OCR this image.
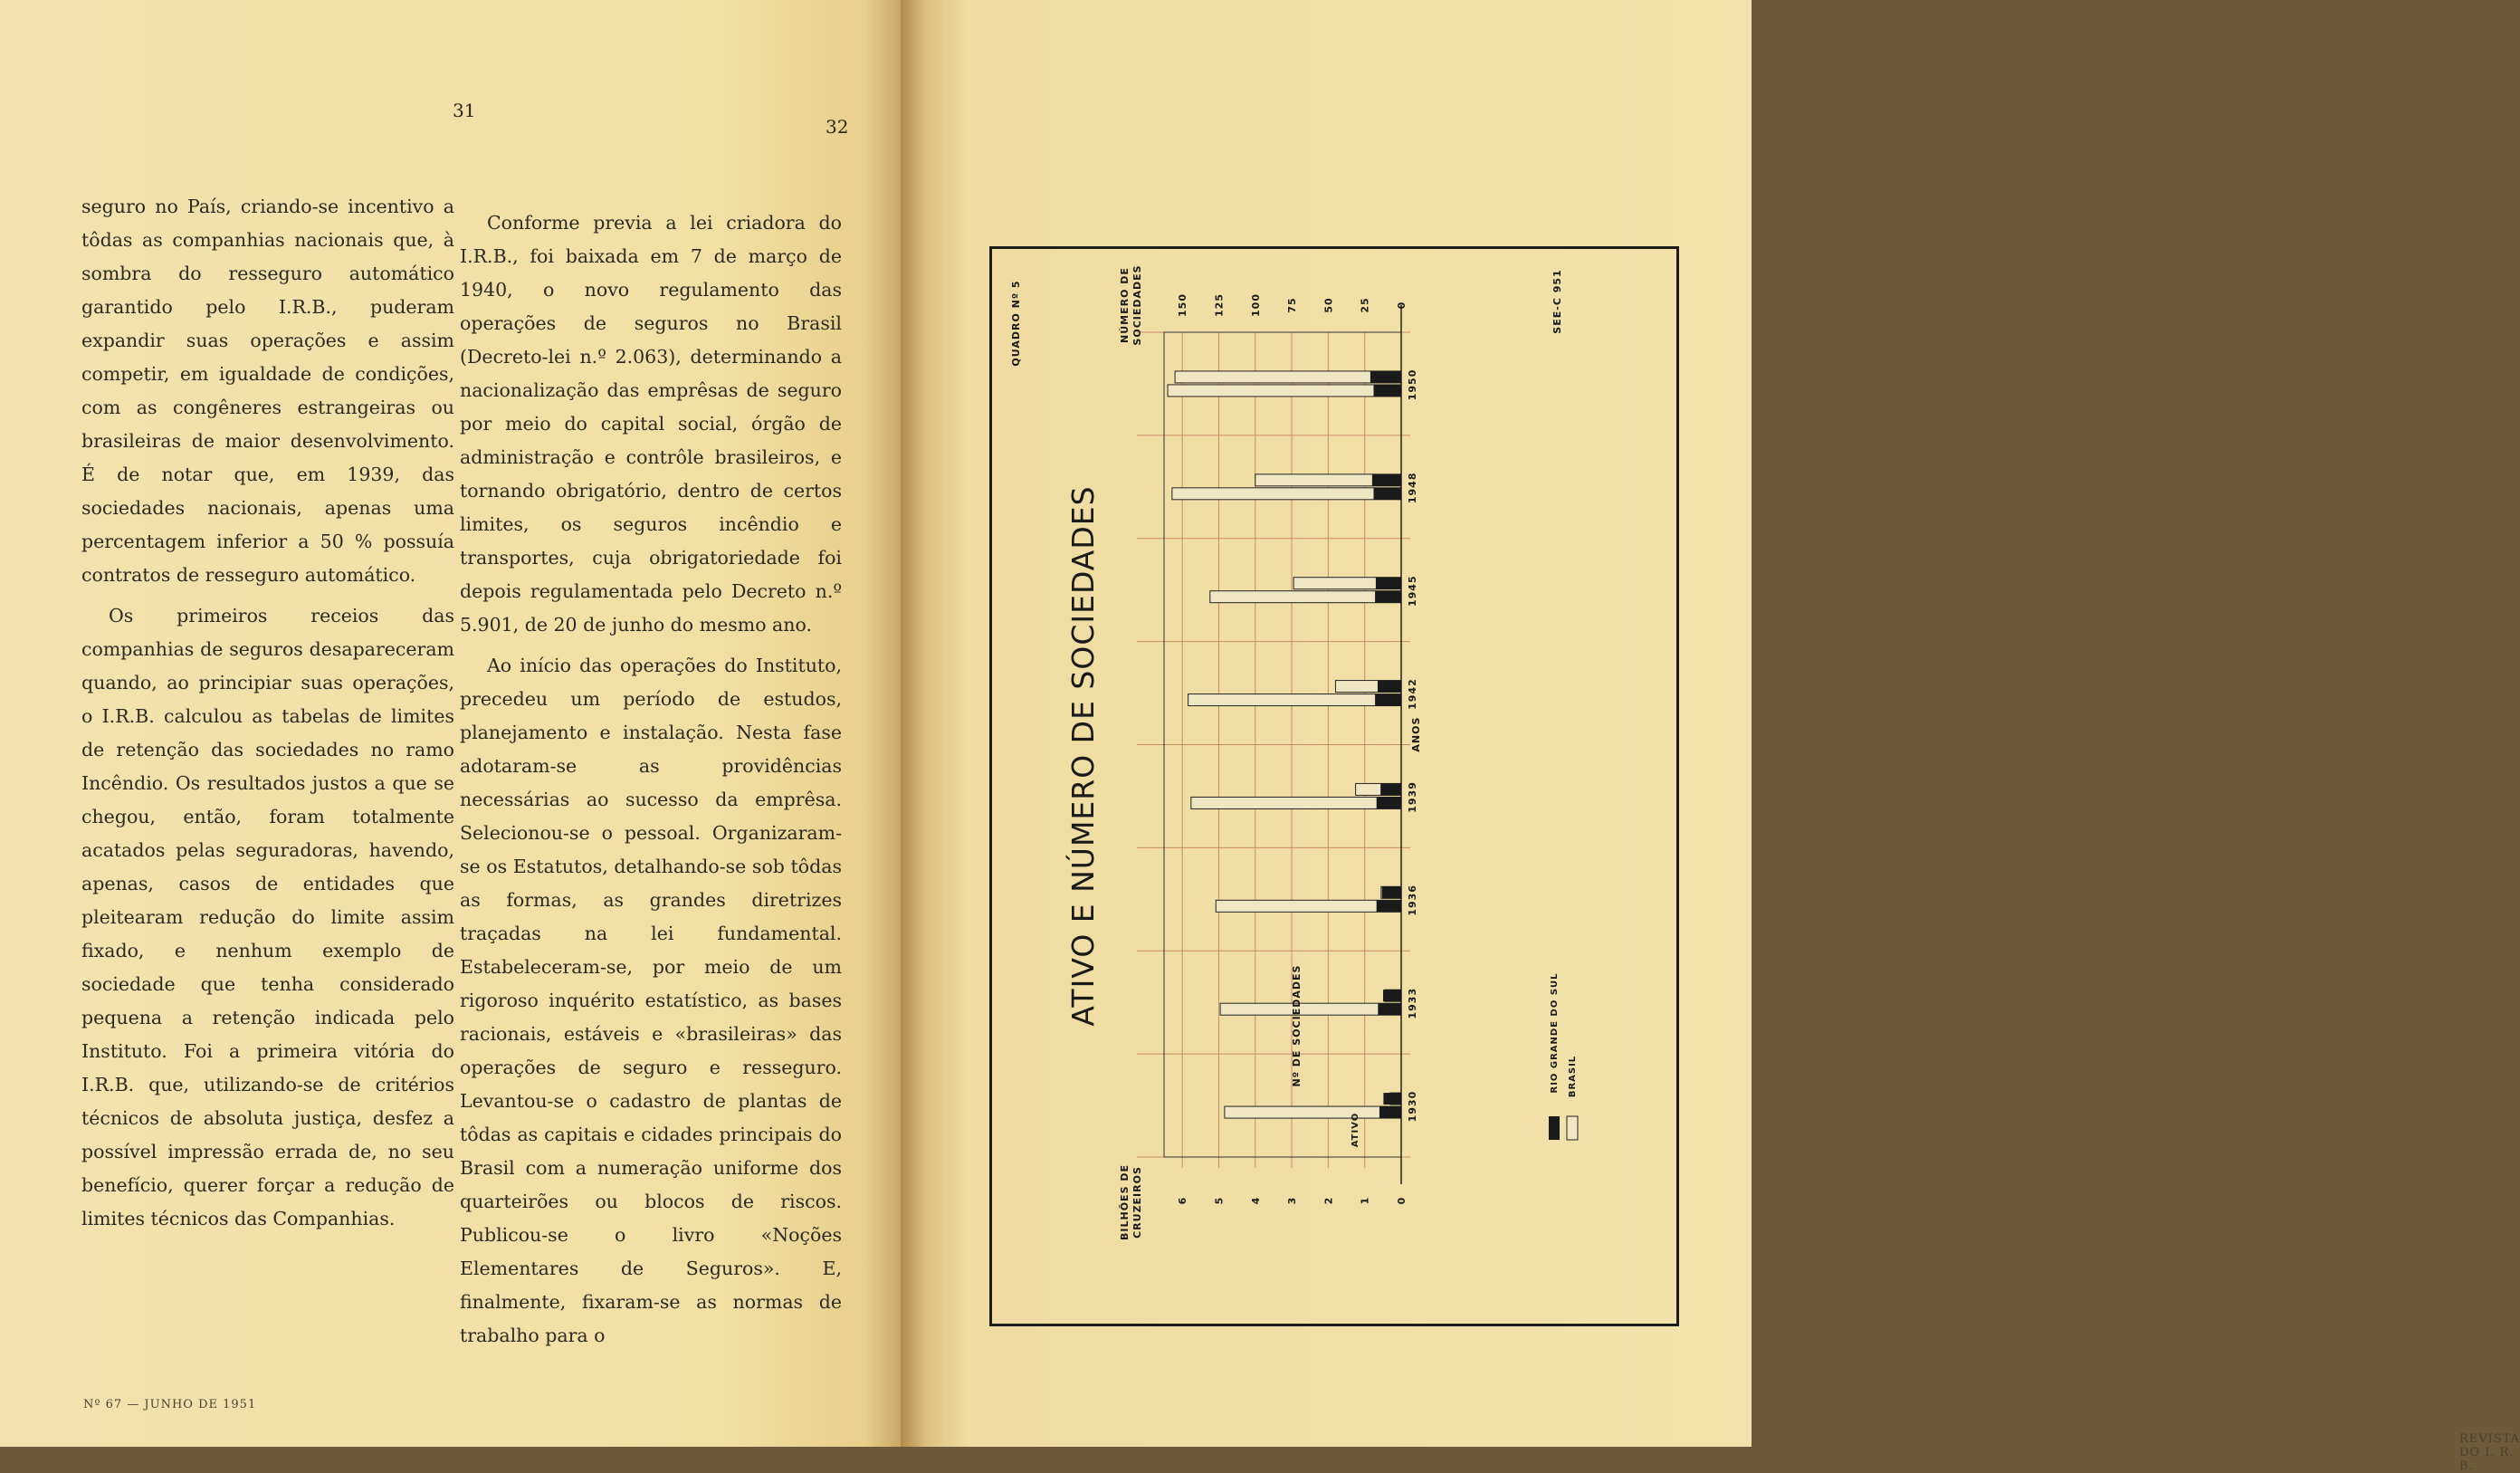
31
32

seguro no País, criando-se incentivo a tôdas as companhias nacionais que, à sombra do resseguro automático garantido pelo I.R.B., puderam expandir suas operações e assim competir, em igualdade de condições, com as congêneres estrangeiras ou brasileiras de maior desenvolvimento. É de notar que, em 1939, das sociedades nacionais, apenas uma percentagem inferior a 50 % possuía contratos de resseguro automático.

Os primeiros receios das companhias de seguros desapareceram quando, ao principiar suas operações, o I.R.B. calculou as tabelas de limites de retenção das sociedades no ramo Incêndio. Os resultados justos a que se chegou, então, foram totalmente acatados pelas seguradoras, havendo, apenas, casos de entidades que pleitearam redução do limite assim fixado, e nenhum exemplo de sociedade que tenha considerado pequena a retenção indicada pelo Instituto. Foi a primeira vitória do I.R.B. que, utilizando-se de critérios técnicos de absoluta justiça, desfez a possível impressão errada de, no seu benefício, querer forçar a redução de limites técnicos das Companhias.

Conforme previa a lei criadora do I.R.B., foi baixada em 7 de março de 1940, o novo regulamento das operações de seguros no Brasil (Decreto-lei n.º 2.063), determinando a nacionalização das emprêsas de seguro por meio do capital social, órgão de administração e contrôle brasileiros, e tornando obrigatório, dentro de certos limites, os seguros incêndio e transportes, cuja obrigatoriedade foi depois regulamentada pelo Decreto n.º 5.901, de 20 de junho do mesmo ano.

Ao início das operações do Instituto, precedeu um período de estudos, planejamento e instalação. Nesta fase adotaram-se as providências necessárias ao sucesso da emprêsa. Selecionou-se o pessoal. Organizaram-se os Estatutos, detalhando-se sob tôdas as formas, as grandes diretrizes traçadas na lei fundamental. Estabeleceram-se, por meio de um rigoroso inquérito estatístico, as bases racionais, estáveis e «brasileiras» das operações de seguro e resseguro. Levantou-se o cadastro de plantas de tôdas as capitais e cidades principais do Brasil com a numeração uniforme dos quarteirões ou blocos de riscos. Publicou-se o livro «Noções Elementares de Seguros». E, finalmente, fixaram-se as normas de trabalho para o

Nº 67 — JUNHO DE 1951
REVISTA DO I. R. B.
1930
1933
1936
1939
1942
1945
1948
1950
0
1
2
3
4
5
6
0
25
50
75
100
125
150
BILHÕES DE CRUZEIROS
NÚMERO DE SOCIEDADES
ANOS
ATIVO E NÚMERO DE SOCIEDADES
QUADRO Nº 5	SEE-C 951
ATIVO
Nº DE SOCIEDADES	RIO GRANDE DO SUL BRASIL
